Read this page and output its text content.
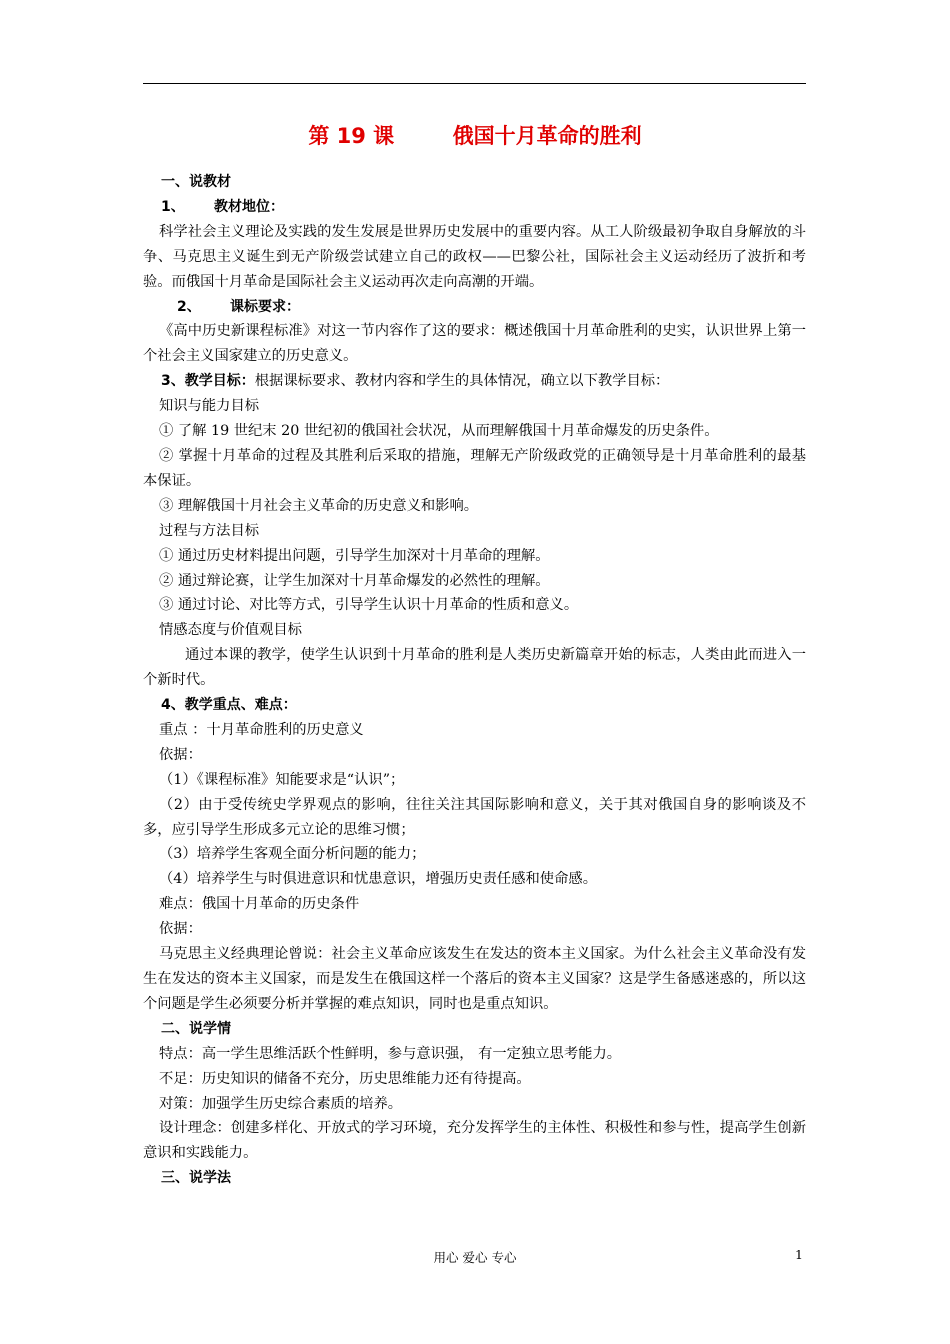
第 19 课        俄国十月革命的胜利

一、说教材

1、 教材地位：

科学社会主义理论及实践的发生发展是世界历史发展中的重要内容。从工人阶级最初争取自身解放的斗争、马克思主义诞生到无产阶级尝试建立自己的政权——巴黎公社，国际社会主义运动经历了波折和考验。而俄国十月革命是国际社会主义运动再次走向高潮的开端。

2、 课标要求：

《高中历史新课程标准》对这一节内容作了这的要求：概述俄国十月革命胜利的史实，认识世界上第一个社会主义国家建立的历史意义。

3、教学目标：根据课标要求、教材内容和学生的具体情况，确立以下教学目标：

知识与能力目标

① 了解 19 世纪末 20 世纪初的俄国社会状况，从而理解俄国十月革命爆发的历史条件。

② 掌握十月革命的过程及其胜利后采取的措施，理解无产阶级政党的正确领导是十月革命胜利的最基本保证。

③ 理解俄国十月社会主义革命的历史意义和影响。

过程与方法目标

① 通过历史材料提出问题，引导学生加深对十月革命的理解。

② 通过辩论赛，让学生加深对十月革命爆发的必然性的理解。

③ 通过讨论、对比等方式，引导学生认识十月革命的性质和意义。

情感态度与价值观目标

通过本课的教学，使学生认识到十月革命的胜利是人类历史新篇章开始的标志，人类由此而进入一个新时代。

4、教学重点、难点：

重点 ：十月革命胜利的历史意义

依据：

（1）《课程标准》知能要求是“认识”；

（2）由于受传统史学界观点的影响，往往关注其国际影响和意义，关于其对俄国自身的影响谈及不多，应引导学生形成多元立论的思维习惯；

（3）培养学生客观全面分析问题的能力；

（4）培养学生与时俱进意识和忧患意识，增强历史责任感和使命感。

难点：俄国十月革命的历史条件

依据：

马克思主义经典理论曾说：社会主义革命应该发生在发达的资本主义国家。为什么社会主义革命没有发生在发达的资本主义国家，而是发生在俄国这样一个落后的资本主义国家？这是学生备感迷惑的，所以这个问题是学生必须要分析并掌握的难点知识，同时也是重点知识。

二、说学情

特点：高一学生思维活跃个性鲜明，参与意识强， 有一定独立思考能力。

不足：历史知识的储备不充分，历史思维能力还有待提高。

对策：加强学生历史综合素质的培养。

设计理念：创建多样化、开放式的学习环境，充分发挥学生的主体性、积极性和参与性，提高学生创新意识和实践能力。

三、说学法

用心 爱心 专心	1
